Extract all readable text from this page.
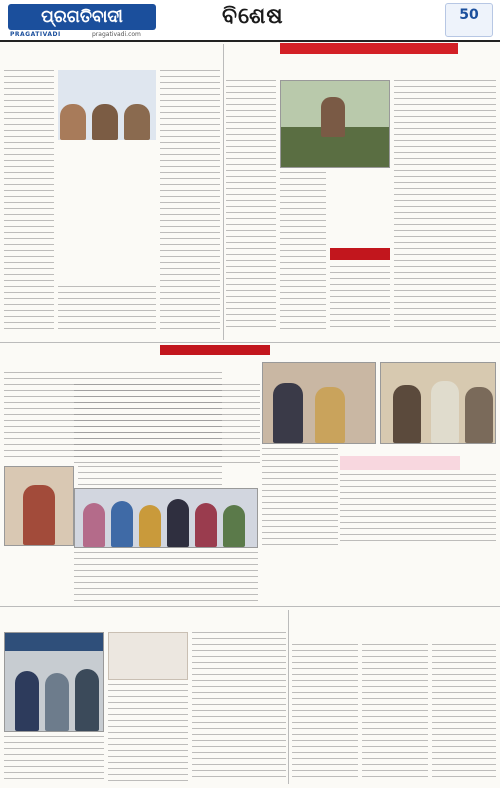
ପ୍ରଗତିବାଦୀ
PRAGATIVADI	pragativadi.com
ବିଶେଷ	50
